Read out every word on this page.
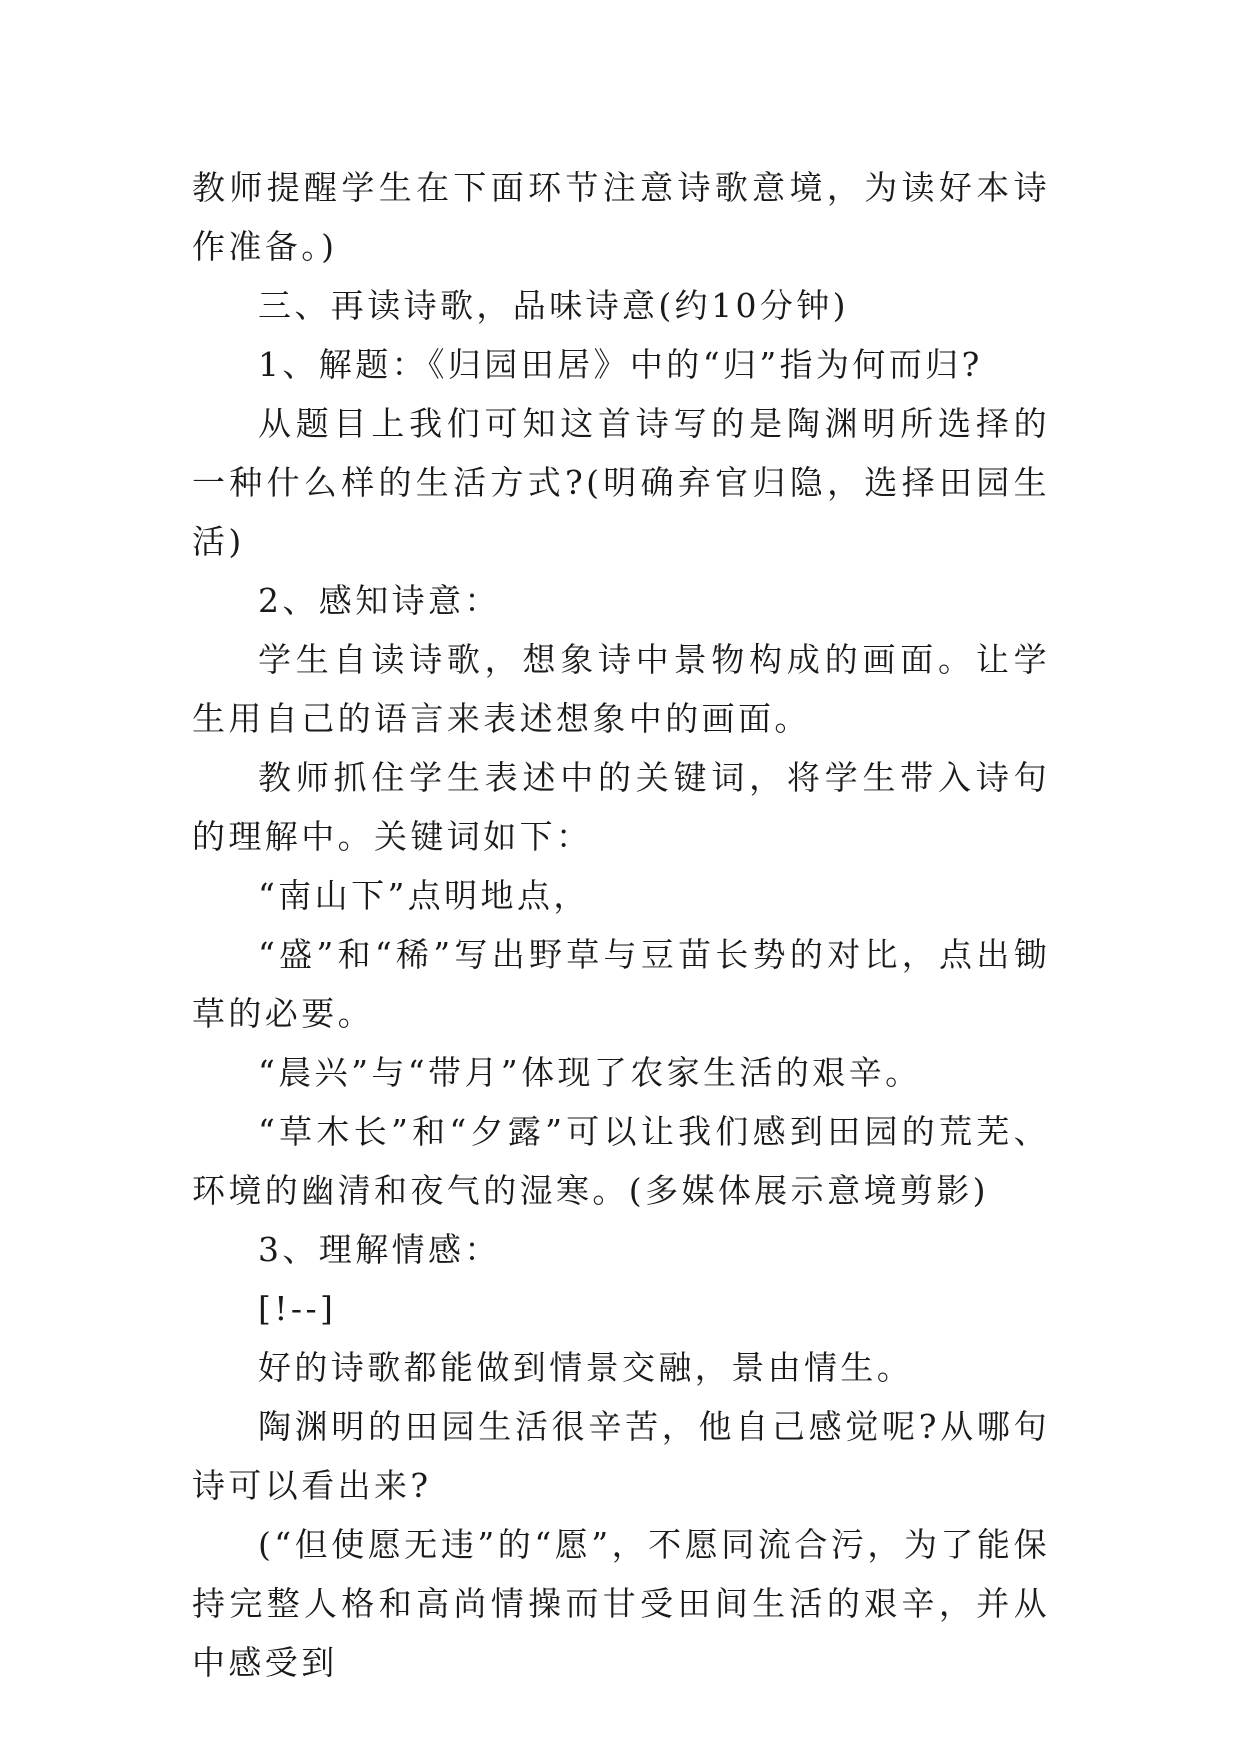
教师提醒学生在下面环节注意诗歌意境，为读好本诗作准备。)

三、再读诗歌，品味诗意(约10分钟)

1、解题：《归园田居》中的“归”指为何而归?

从题目上我们可知这首诗写的是陶渊明所选择的一种什么样的生活方式?(明确弃官归隐，选择田园生活)

2、感知诗意：

学生自读诗歌，想象诗中景物构成的画面。让学生用自己的语言来表述想象中的画面。

教师抓住学生表述中的关键词，将学生带入诗句的理解中。关键词如下：

“南山下”点明地点，

“盛”和“稀”写出野草与豆苗长势的对比，点出锄草的必要。

“晨兴”与“带月”体现了农家生活的艰辛。

“草木长”和“夕露”可以让我们感到田园的荒芜、环境的幽清和夜气的湿寒。(多媒体展示意境剪影)

3、理解情感：

[!--]

好的诗歌都能做到情景交融，景由情生。

陶渊明的田园生活很辛苦，他自己感觉呢?从哪句诗可以看出来?

(“但使愿无违”的“愿”，不愿同流合污，为了能保持完整人格和高尚情操而甘受田间生活的艰辛，并从中感受到
